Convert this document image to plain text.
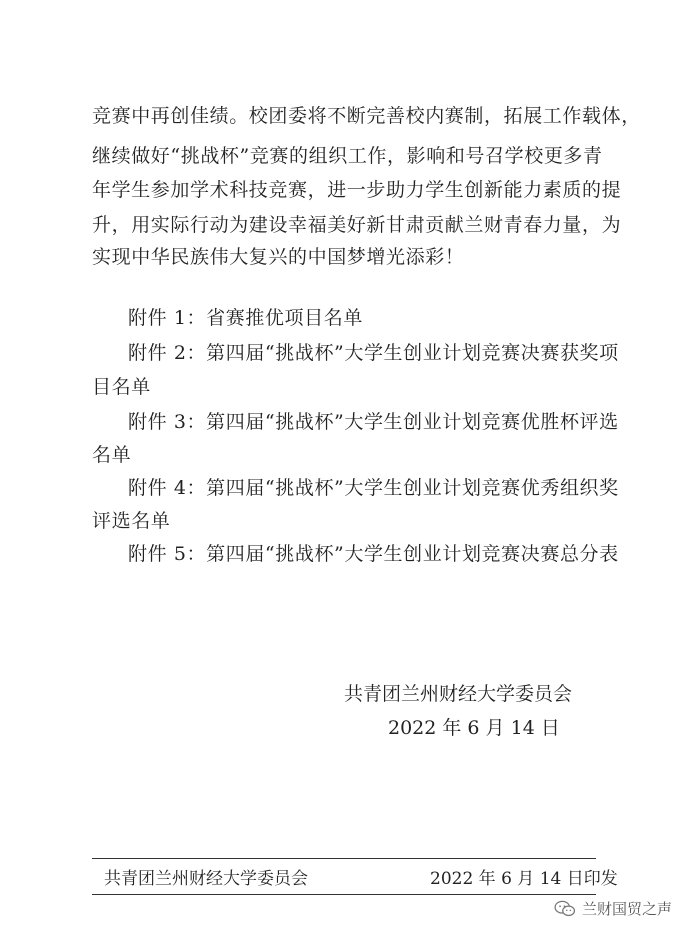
竞赛中再创佳绩。校团委将不断完善校内赛制，拓展工作载体，
继续做好“挑战杯”竞赛的组织工作，影响和号召学校更多青
年学生参加学术科技竞赛，进一步助力学生创新能力素质的提
升，用实际行动为建设幸福美好新甘肃贡献兰财青春力量，为
实现中华民族伟大复兴的中国梦增光添彩！
附件 1：省赛推优项目名单
附件 2：第四届“挑战杯”大学生创业计划竞赛决赛获奖项
目名单
附件 3：第四届“挑战杯”大学生创业计划竞赛优胜杯评选
名单
附件 4：第四届“挑战杯”大学生创业计划竞赛优秀组织奖
评选名单
附件 5：第四届“挑战杯”大学生创业计划竞赛决赛总分表
共青团兰州财经大学委员会
2022 年 6 月 14 日
共青团兰州财经大学委员会	2022 年 6 月 14 日印发
兰财国贸之声
